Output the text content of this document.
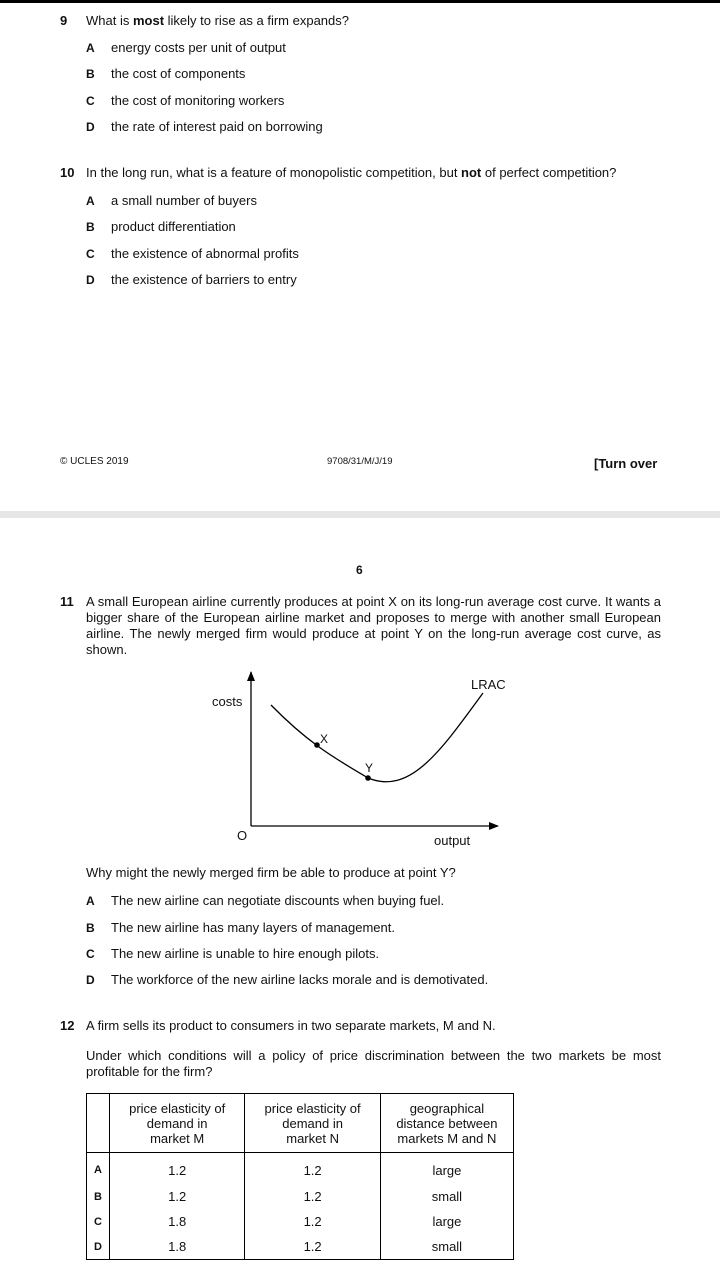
9 What is most likely to rise as a firm expands?
A energy costs per unit of output
B the cost of components
C the cost of monitoring workers
D the rate of interest paid on borrowing
10 In the long run, what is a feature of monopolistic competition, but not of perfect competition?
A a small number of buyers
B product differentiation
C the existence of abnormal profits
D the existence of barriers to entry
© UCLES 2019	9708/31/M/J/19	[Turn over
6
11 A small European airline currently produces at point X on its long-run average cost curve. It wants a bigger share of the European airline market and proposes to merge with another small European airline. The newly merged firm would produce at point Y on the long-run average cost curve, as shown.
costs
output
O
LRAC
X
Y
Why might the newly merged firm be able to produce at point Y?
A The new airline can negotiate discounts when buying fuel.
B The new airline has many layers of management.
C The new airline is unable to hire enough pilots.
D The workforce of the new airline lacks morale and is demotivated.
12 A firm sells its product to consumers in two separate markets, M and N.
Under which conditions will a policy of price discrimination between the two markets be most profitable for the firm?
	price elasticity of demand in market M	price elasticity of demand in market N	geographical distance between markets M and N
A	1.2	1.2	large
B	1.2	1.2	small
C	1.8	1.2	large
D	1.8	1.2	small
